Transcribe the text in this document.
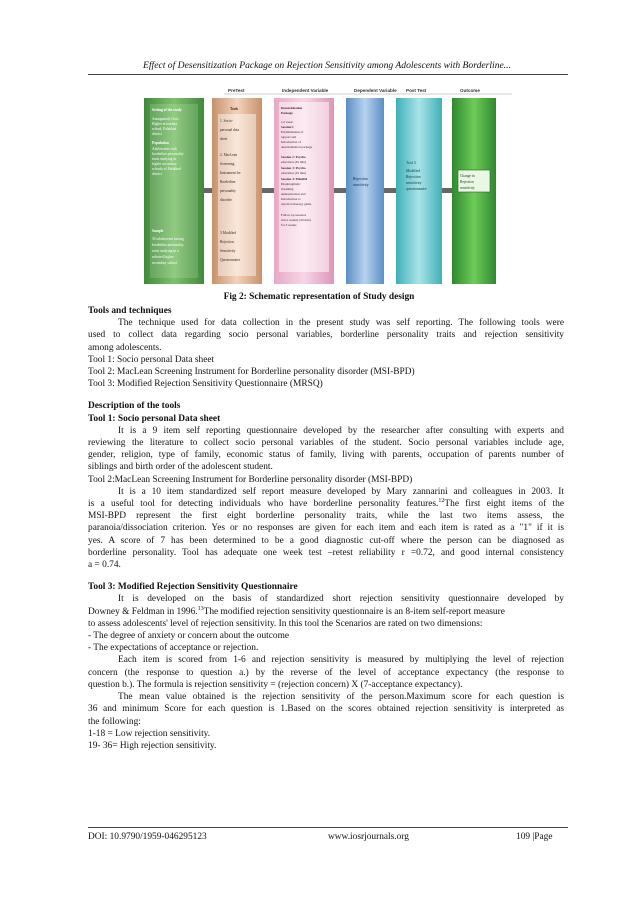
Effect of Desensitization Package on Rejection Sensitivity among Adolescents with Borderline...
PreTest	Independent Variable	Dependent Variable Post Test	Outcome
Setting of the study
Anangamaly Govt.
Higher secondary
school, Palakkad
district
Population
Adolescents with
borderline personality
traits studying in
higher secondary
schools of Palakkad
district
Sample
30 adolescents having
borderline personality
traits studying in a
selected higher
secondary school
Tools
1. Socio-
personal data
sheet
2. MacLean
Screening
Instrument for
Borderline
personality
disorder
3.Modified
Rejection
Sensitivity
Questionnaire
Desensitization
Package
1st week
Session1:
Establishment of
rapport and
Introduction of
desensitization package
Session 2: Psycho
education (45 min)
Session 3: Psycho
education (45 min)
Session 4: Mindful
Diaphragmatic
breathing
demonstration and
Introduction to
rejection therapy game
Follow up sessions
twice weekly (20 min)
for 3 weeks
Rejection
sensitivity
Tool 3
Modified
Rejection
sensitivity
questionnaire
Change in
Rejection
sensitivity
Fig 2: Schematic representation of Study design

Tools and techniques

The technique used for data collection in the present study was self reporting. The following tools were

used to collect data regarding socio personal variables, borderline personality traits and rejection sensitivity

among adolescents.

Tool 1: Socio personal Data sheet

Tool 2: MacLean Screening Instrument for Borderline personality disorder (MSI-BPD)

Tool 3: Modified Rejection Sensitivity Questionnaire (MRSQ)

Description of the tools

Tool 1: Socio personal Data sheet

It is a 9 item self reporting questionnaire developed by the researcher after consulting with experts and

reviewing the literature to collect socio personal variables of the student. Socio personal variables include age,

gender, religion, type of family, economic status of family, living with parents, occupation of parents number of

siblings and birth order of the adolescent student.

Tool 2:MacLean Screening Instrument for Borderline personality disorder (MSI-BPD)

It is a 10 item standardized self report measure developed by Mary zannarini and colleagues in 2003. It

is a useful tool for detecting individuals who have borderline personality features.$^{12}$The first eight items of the

MSI-BPD represent the first eight borderline personality traits, while the last two items assess, the

paranoia/dissociation criterion. Yes or no responses are given for each item and each item is rated as a "1" if it is

yes. A score of 7 has been determined to be a good diagnostic cut-off where the person can be diagnosed as

borderline personality. Tool has adequate one week test –retest reliability r =0.72, and good internal consistency

a = 0.74.

Tool 3: Modified Rejection Sensitivity Questionnaire

It is developed on the basis of standardized short rejection sensitivity questionnaire developed by

Downey & Feldman in 1996.13The modified rejection sensitivity questionnaire is an 8-item self-report measure

to assess adolescents' level of rejection sensitivity. In this tool the Scenarios are rated on two dimensions:

- The degree of anxiety or concern about the outcome

- The expectations of acceptance or rejection.

Each item is scored from 1-6 and rejection sensitivity is measured by multiplying the level of rejection

concern (the response to question a.) by the reverse of the level of acceptance expectancy (the response to

question b.). The formula is rejection sensitivity = (rejection concern) X (7-acceptance expectancy).

The mean value obtained is the rejection sensitivity of the person.Maximum score for each question is

36 and minimum Score for each question is 1.Based on the scores obtained rejection sensitivity is interpreted as

the following:

1-18 = Low rejection sensitivity.

19- 36= High rejection sensitivity.

DOI: 10.9790/1959-046295123	www.iosrjournals.org	109 |Page
